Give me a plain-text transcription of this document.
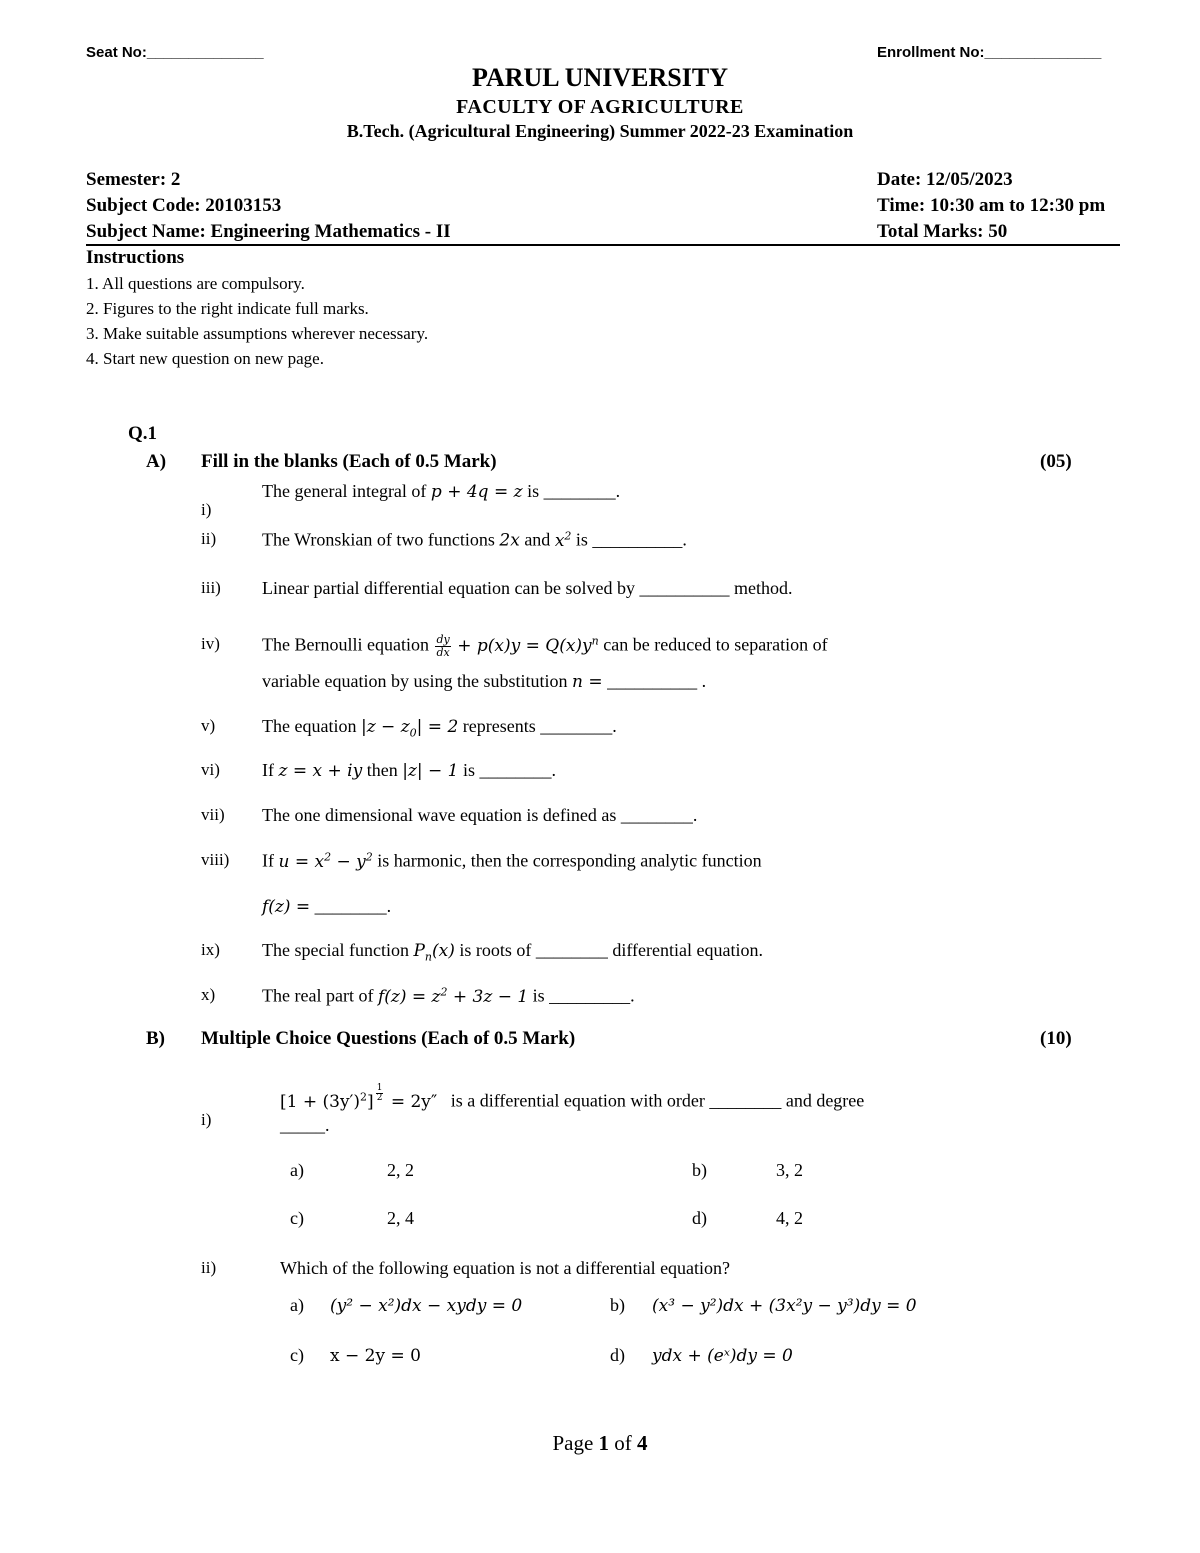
Seat No:______________	Enrollment No:______________
PARUL UNIVERSITY
FACULTY OF AGRICULTURE
B.Tech. (Agricultural Engineering) Summer 2022-23 Examination
Semester: 2
Subject Code: 20103153
Subject Name: Engineering Mathematics - II
Date: 12/05/2023
Time: 10:30 am to 12:30 pm
Total Marks: 50
Instructions
1. All questions are compulsory.
2. Figures to the right indicate full marks.
3. Make suitable assumptions wherever necessary.
4. Start new question on new page.
Q.1
A) Fill in the blanks (Each of 0.5 Mark)	(05)
i)
The general integral of p + 4q = z is ________.
ii)	The Wronskian of two functions 2x and $x^2$ is __________.
iii) Linear partial differential equation can be solved by __________ method.
iv) The Bernoulli equation $\frac{dy}{dx} + p(x)y = Q(x)y^n$ can be reduced to separation of
variable equation by using the substitution n = __________ .
v)	The equation $|z - z_0| = 2$ represents ________.
vi) If z = x + iy then |z| − 1 is ________.
vii) The one dimensional wave equation is defined as ________.
viii) If $u = x^2 - y^2$ is harmonic, then the corresponding analytic function
f(z) = ________.
ix) The special function $P_n(x)$ is roots of ________ differential equation.
x)	The real part of $f(z) = z^2 + 3z - 1$ is _________.
B) Multiple Choice Questions (Each of 0.5 Mark)	(10)
i)
$[1 + (3y')^2] \frac{1}{2} = 2y''$ is a differential equation with order ________ and degree
_____.
a)	2, 2	b)	3, 2
c)	2, 4	d)	4, 2
ii)	Which of the following equation is not a differential equation?
a) (y² − x²)dx − xydy = 0	b) (x³ − y²)dx + (3x²y − y³)dy = 0
c) x − 2y = 0	d) ydx + (eˣ)dy = 0
Page 1 of 4
